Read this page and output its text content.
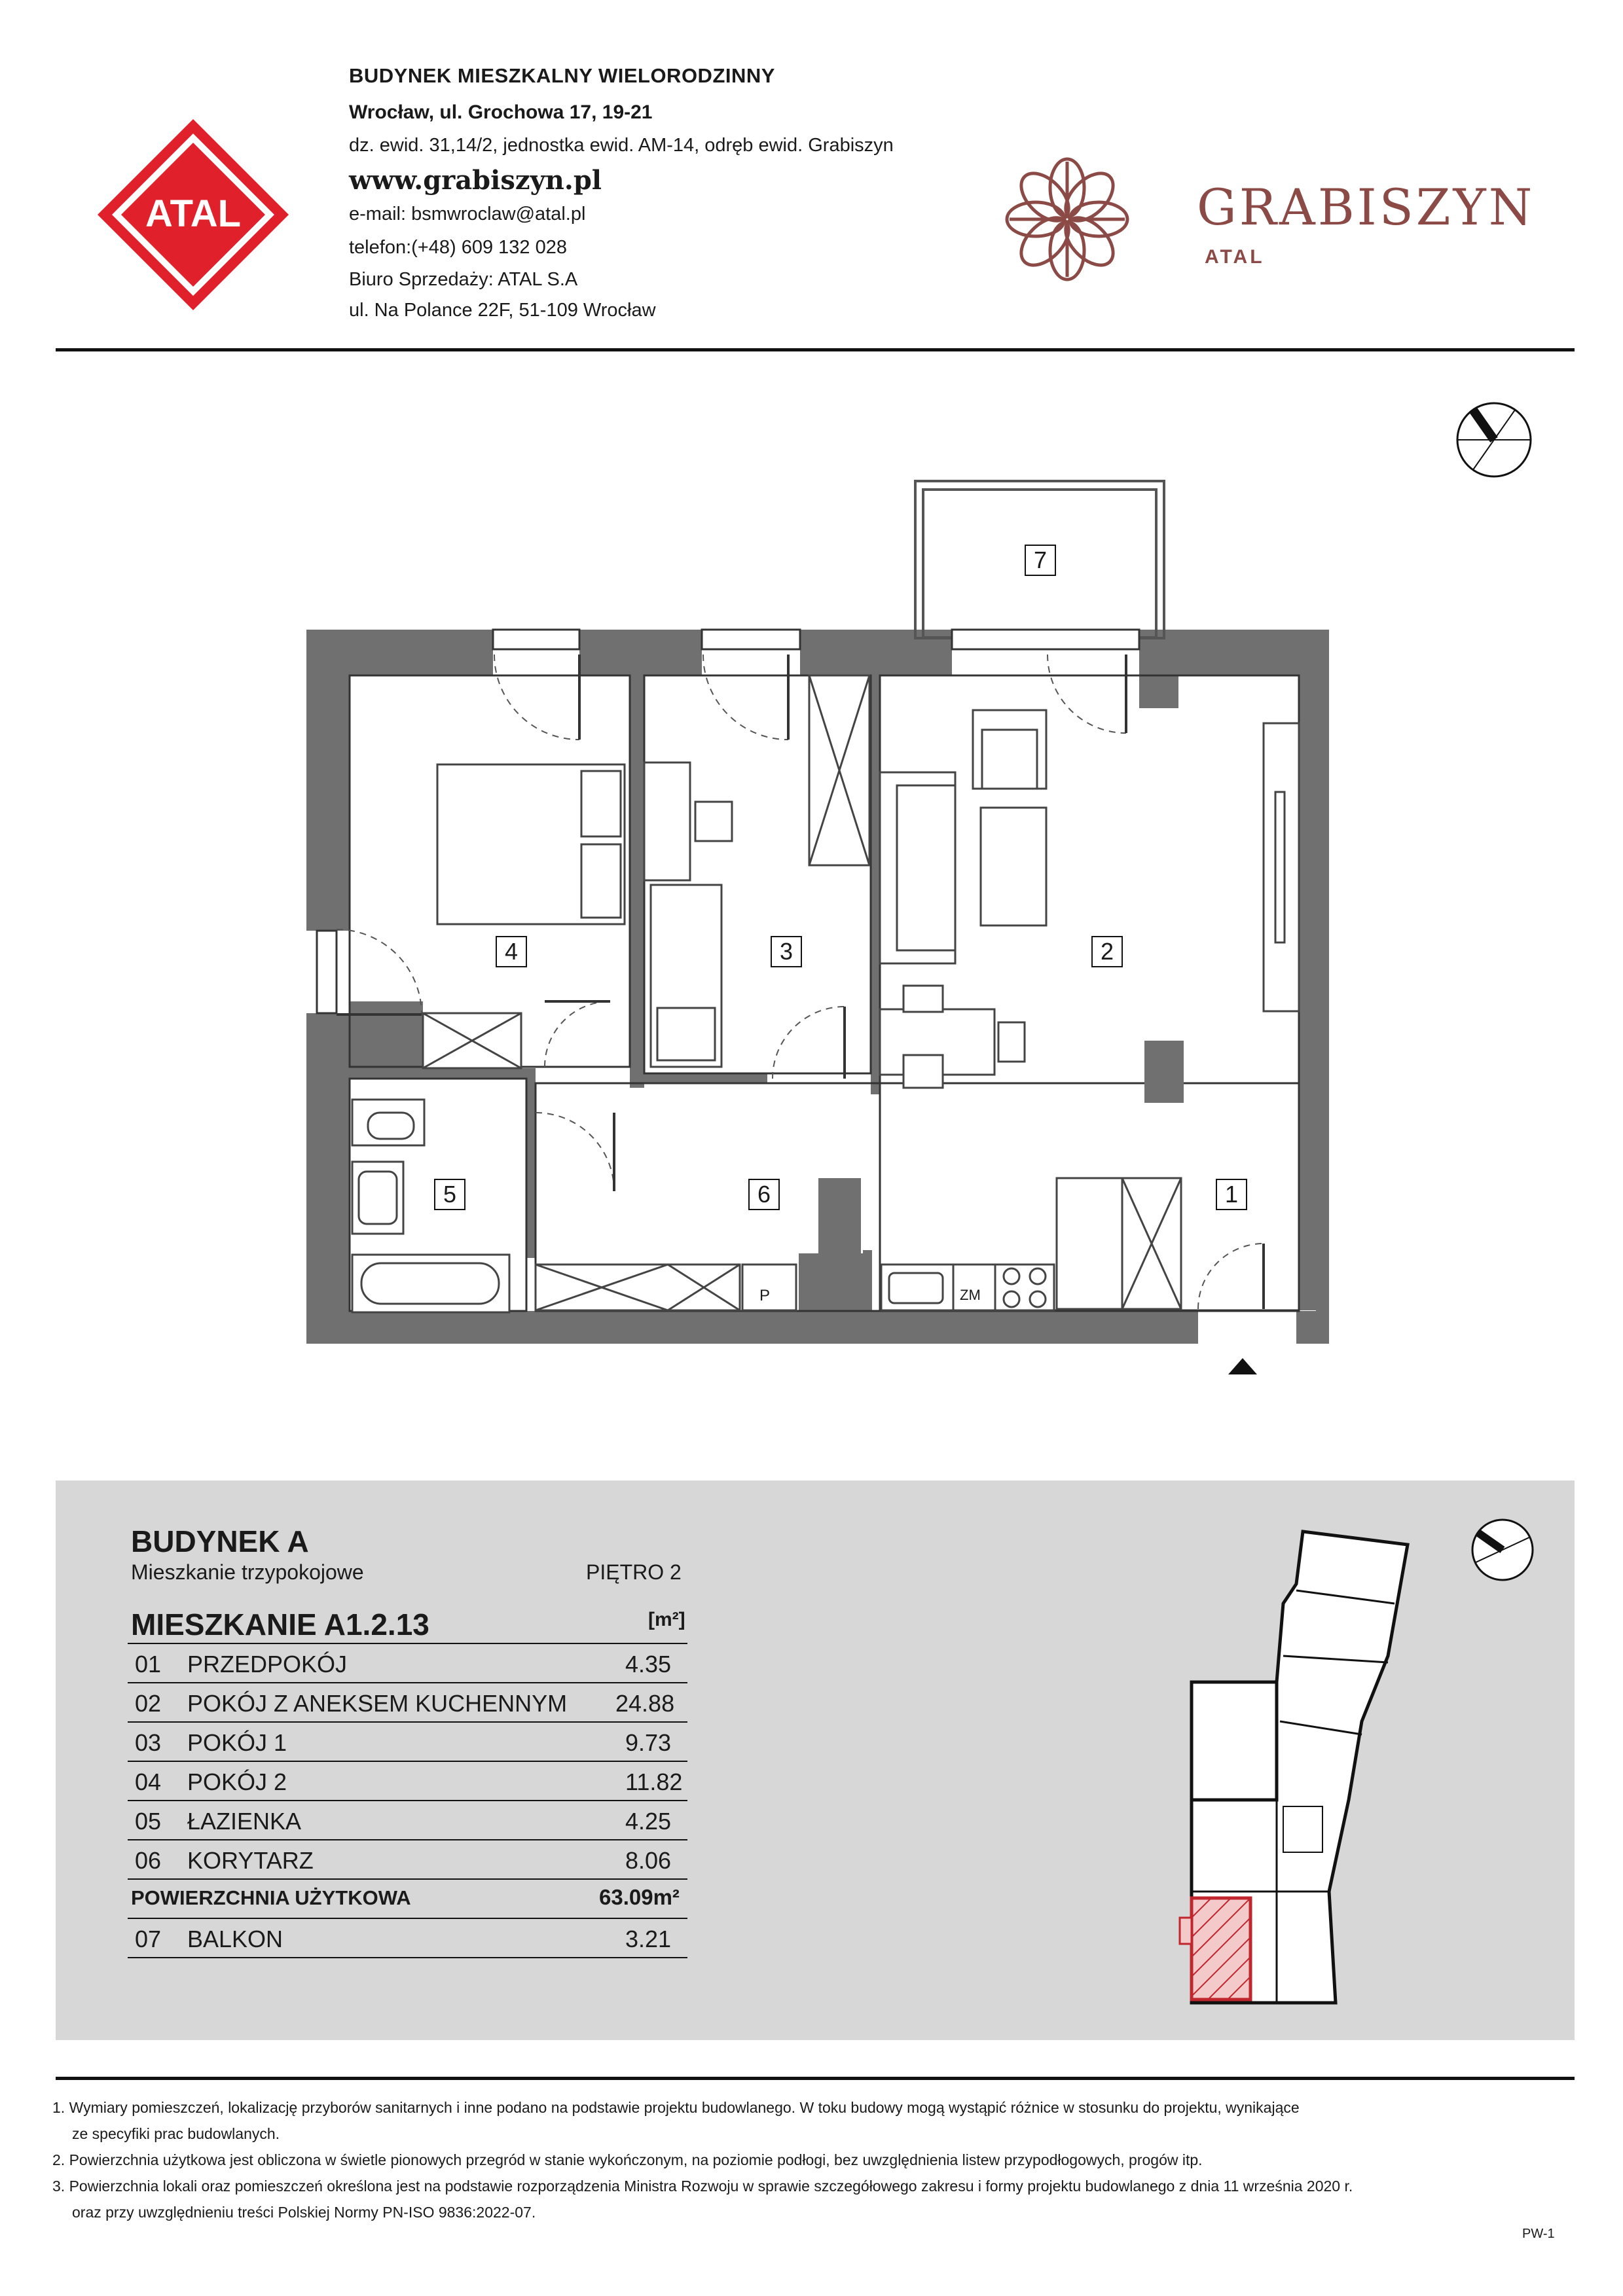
ATAL
BUDYNEK MIESZKALNY WIELORODZINNY
Wrocław, ul. Grochowa 17, 19-21
dz. ewid. 31,14/2, jednostka ewid. AM-14, odręb ewid. Grabiszyn
www.grabiszyn.pl
e-mail: bsmwroclaw@atal.pl
telefon:(+48) 609 132 028
Biuro Sprzedaży: ATAL S.A
ul. Na Polance 22F, 51-109 Wrocław
GRABISZYN
ATAL
7
4	3	2
5	6	1
P	ZM
BUDYNEK A
Mieszkanie trzypokojowe	PIĘTRO 2
MIESZKANIE A1.2.13	[m²]
01 PRZEDPOKÓJ	4.35
02 POKÓJ Z ANEKSEM KUCHENNYM 24.88
03 POKÓJ 1	9.73
04 POKÓJ 2	11.82
05 ŁAZIENKA	4.25
06 KORYTARZ	8.06
POWIERZCHNIA UŻYTKOWA	63.09m²
07 BALKON	3.21
1. Wymiary pomieszczeń, lokalizację przyborów sanitarnych i inne podano na podstawie projektu budowlanego. W toku budowy mogą wystąpić różnice w stosunku do projektu, wynikające
ze specyfiki prac budowlanych.
2. Powierzchnia użytkowa jest obliczona w świetle pionowych przegród w stanie wykończonym, na poziomie podłogi, bez uwzględnienia listew przypodłogowych, progów itp.
3. Powierzchnia lokali oraz pomieszczeń określona jest na podstawie rozporządzenia Ministra Rozwoju w sprawie szczegółowego zakresu i formy projektu budowlanego z dnia 11 września 2020 r.
oraz przy uwzględnieniu treści Polskiej Normy PN-ISO 9836:2022-07.
PW-1
